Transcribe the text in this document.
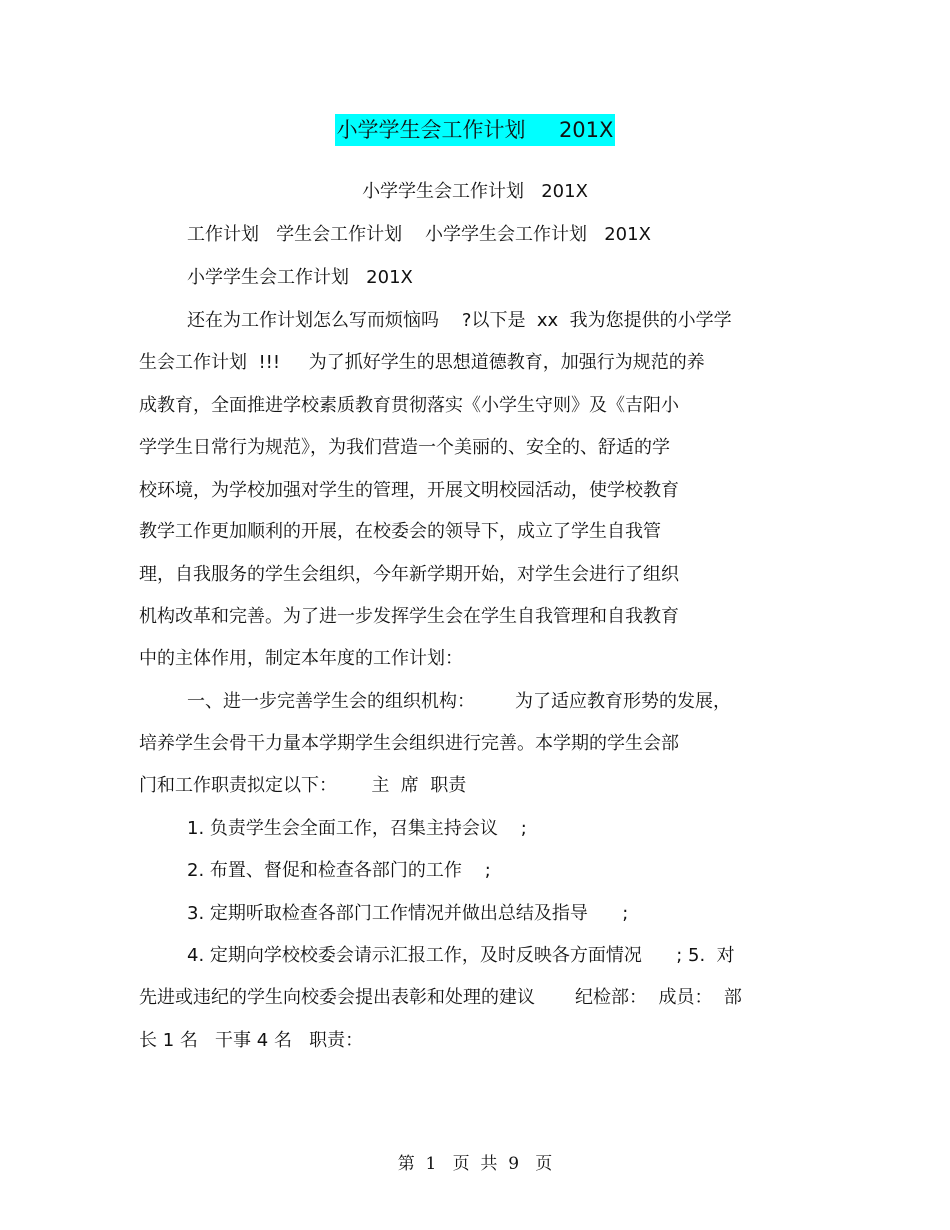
小学学生会工作计划     201X
小学学生会工作计划   201X
工作计划   学生会工作计划    小学学生会工作计划   201X
小学学生会工作计划   201X
还在为工作计划怎么写而烦恼吗    ?以下是  xx  我为您提供的小学学
生会工作计划  !!!     为了抓好学生的思想道德教育，加强行为规范的养
成教育，全面推进学校素质教育贯彻落实《小学生守则》及《吉阳小
学学生日常行为规范》，为我们营造一个美丽的、安全的、舒适的学
校环境，为学校加强对学生的管理，开展文明校园活动，使学校教育
教学工作更加顺利的开展，在校委会的领导下，成立了学生自我管
理，自我服务的学生会组织，今年新学期开始，对学生会进行了组织
机构改革和完善。为了进一步发挥学生会在学生自我管理和自我教育
中的主体作用，制定本年度的工作计划：
一、进一步完善学生会的组织机构：       为了适应教育形势的发展，
培养学生会骨干力量本学期学生会组织进行完善。本学期的学生会部
门和工作职责拟定以下：      主  席  职责
1. 负责学生会全面工作，召集主持会议    ;
2. 布置、督促和检查各部门的工作    ;
3. 定期听取检查各部门工作情况并做出总结及指导      ;
4. 定期向学校校委会请示汇报工作，及时反映各方面情况      ; 5.  对
先进或违纪的学生向校委会提出表彰和处理的建议       纪检部：  成员：  部
长 1 名   干事 4 名   职责：
第  1   页  共  9   页
